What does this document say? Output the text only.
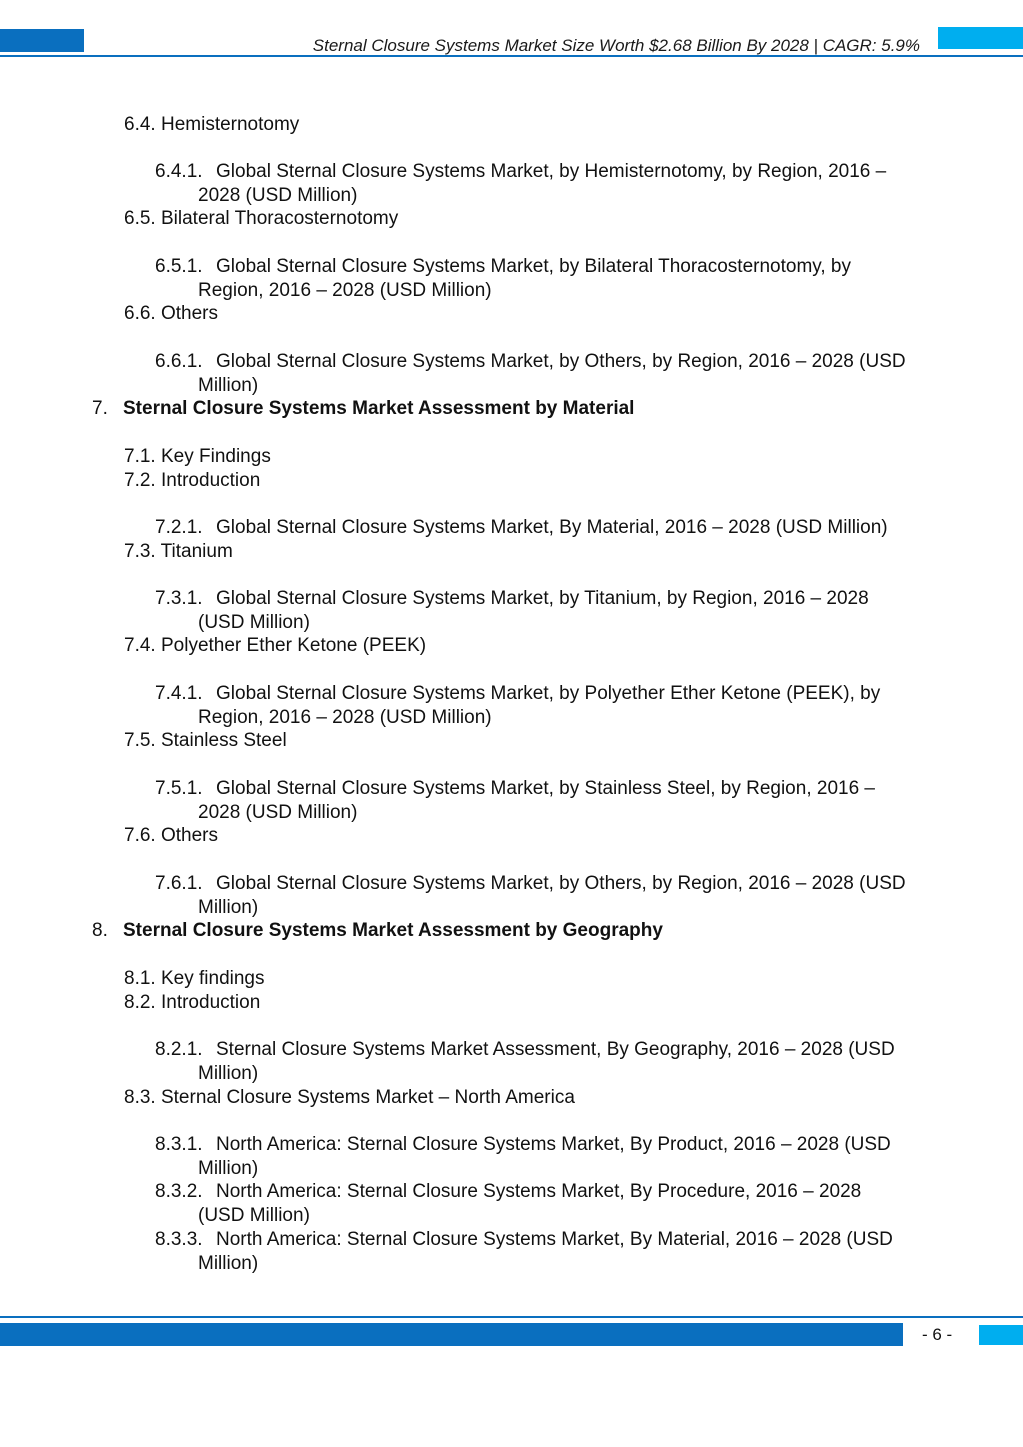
Sternal Closure Systems Market Size Worth $2.68 Billion By 2028 | CAGR: 5.9%
6.4. Hemisternotomy
6.4.1. Global Sternal Closure Systems Market, by Hemisternotomy, by Region, 2016 –
2028 (USD Million)
6.5. Bilateral Thoracosternotomy
6.5.1. Global Sternal Closure Systems Market, by Bilateral Thoracosternotomy, by
Region, 2016 – 2028 (USD Million)
6.6. Others
6.6.1. Global Sternal Closure Systems Market, by Others, by Region, 2016 – 2028 (USD
Million)
7. Sternal Closure Systems Market Assessment by Material
7.1. Key Findings
7.2. Introduction
7.2.1. Global Sternal Closure Systems Market, By Material, 2016 – 2028 (USD Million)
7.3. Titanium
7.3.1. Global Sternal Closure Systems Market, by Titanium, by Region, 2016 – 2028
(USD Million)
7.4. Polyether Ether Ketone (PEEK)
7.4.1. Global Sternal Closure Systems Market, by Polyether Ether Ketone (PEEK), by
Region, 2016 – 2028 (USD Million)
7.5. Stainless Steel
7.5.1. Global Sternal Closure Systems Market, by Stainless Steel, by Region, 2016 –
2028 (USD Million)
7.6. Others
7.6.1. Global Sternal Closure Systems Market, by Others, by Region, 2016 – 2028 (USD
Million)
8. Sternal Closure Systems Market Assessment by Geography
8.1. Key findings
8.2. Introduction
8.2.1. Sternal Closure Systems Market Assessment, By Geography, 2016 – 2028 (USD
Million)
8.3. Sternal Closure Systems Market – North America
8.3.1. North America: Sternal Closure Systems Market, By Product, 2016 – 2028 (USD
Million)
8.3.2. North America: Sternal Closure Systems Market, By Procedure, 2016 – 2028
(USD Million)
8.3.3. North America: Sternal Closure Systems Market, By Material, 2016 – 2028 (USD
Million)
- 6 -
